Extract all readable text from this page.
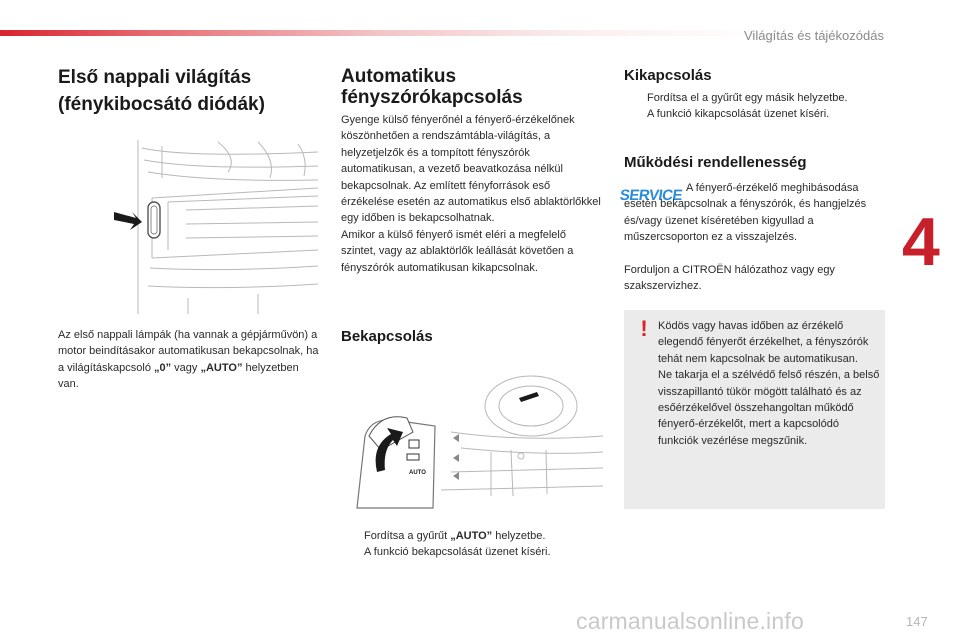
Világítás és tájékozódás
4
Első nappali világítás
(fénykibocsátó diódák)
Az első nappali lámpák (ha vannak a gépjárművön) a motor beindításakor automatikusan bekapcsolnak, ha a világításkapcsoló „0” vagy „AUTO” helyzetben van.
Automatikus
fényszórókapcsolás
Gyenge külső fényerőnél a fényerő-érzékelőnek köszönhetően a rendszámtábla-világítás, a helyzetjelzők és a tompított fényszórók automatikusan, a vezető beavatkozása nélkül bekapcsolnak. Az említett fényforrások eső érzékelése esetén az automatikus első ablaktörlőkkel egy időben is bekapcsolhatnak.
Amikor a külső fényerő ismét eléri a megfelelő szintet, vagy az ablaktörlők leállását követően a fényszórók automatikusan kikapcsolnak.
Bekapcsolás
AUTO
Fordítsa a gyűrűt „AUTO” helyzetbe.
A funkció bekapcsolását üzenet kíséri.
Kikapcsolás
Fordítsa el a gyűrűt egy másik helyzetbe.
A funkció kikapcsolását üzenet kíséri.
Működési rendellenesség
SERVICE A fényerő-érzékelő meghibásodása esetén bekapcsolnak a fényszórók, és hangjelzés és/vagy üzenet kíséretében kigyullad a műszercsoporton ez a visszajelzés.
Forduljon a CITROËN hálózathoz vagy egy szakszervizhez.
! Ködös vagy havas időben az érzékelő elegendő fényerőt érzékelhet, a fényszórók tehát nem kapcsolnak be automatikusan.
Ne takarja el a szélvédő felső részén, a belső visszapillantó tükör mögött található és az esőérzékelővel összehangoltan működő fényerő-érzékelőt, mert a kapcsolódó funkciók vezérlése megszűnik.
147
carmanualsonline.info
